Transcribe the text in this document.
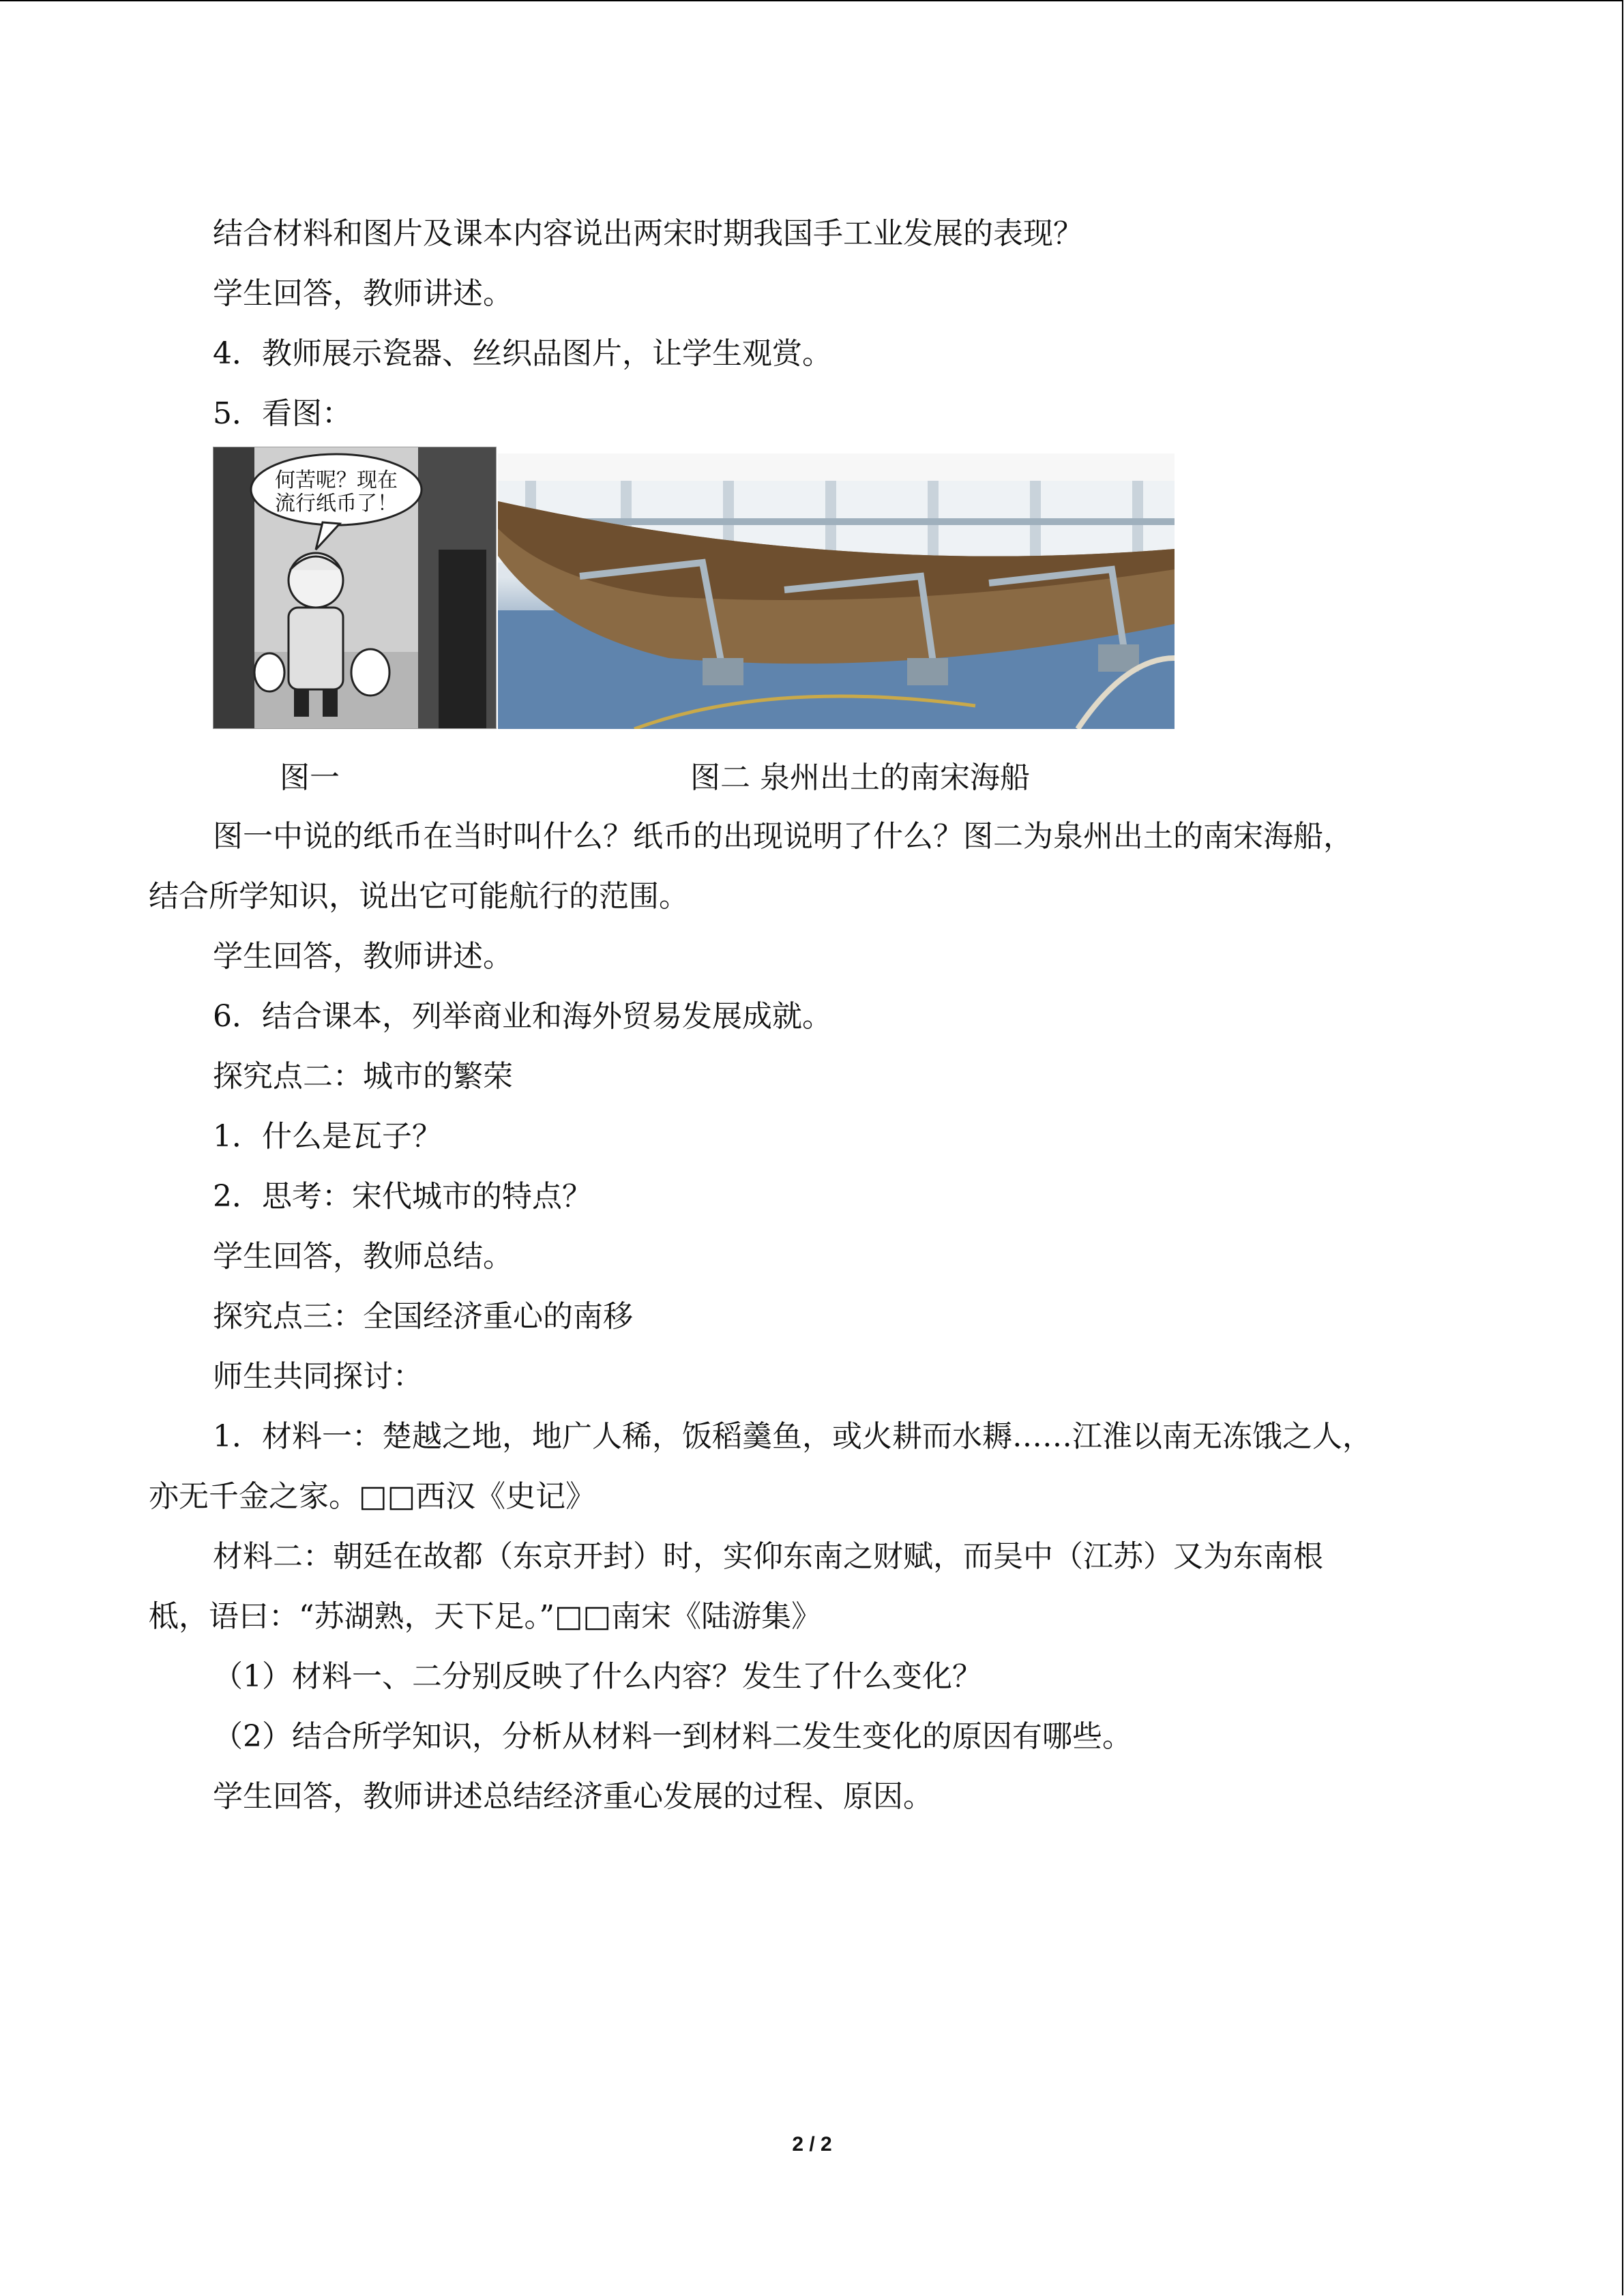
结合材料和图片及课本内容说出两宋时期我国手工业发展的表现？
学生回答，教师讲述。
4．教师展示瓷器、丝织品图片，让学生观赏。
5．看图：
何苦呢？现在
流行纸币了！
图一	图二 泉州出土的南宋海船
图一中说的纸币在当时叫什么？纸币的出现说明了什么？图二为泉州出土的南宋海船，
结合所学知识，说出它可能航行的范围。
学生回答，教师讲述。
6．结合课本，列举商业和海外贸易发展成就。
探究点二：城市的繁荣
1．什么是瓦子？
2．思考：宋代城市的特点？
学生回答，教师总结。
探究点三：全国经济重心的南移
师生共同探讨：
1．材料一：楚越之地，地广人稀，饭稻羹鱼，或火耕而水耨……江淮以南无冻饿之人，
亦无千金之家。□□西汉《史记》
材料二：朝廷在故都（东京开封）时，实仰东南之财赋，而吴中（江苏）又为东南根
柢，语曰：“苏湖熟，天下足。”□□南宋《陆游集》
（1）材料一、二分别反映了什么内容？发生了什么变化？
（2）结合所学知识，分析从材料一到材料二发生变化的原因有哪些。
学生回答，教师讲述总结经济重心发展的过程、原因。
2 / 2
